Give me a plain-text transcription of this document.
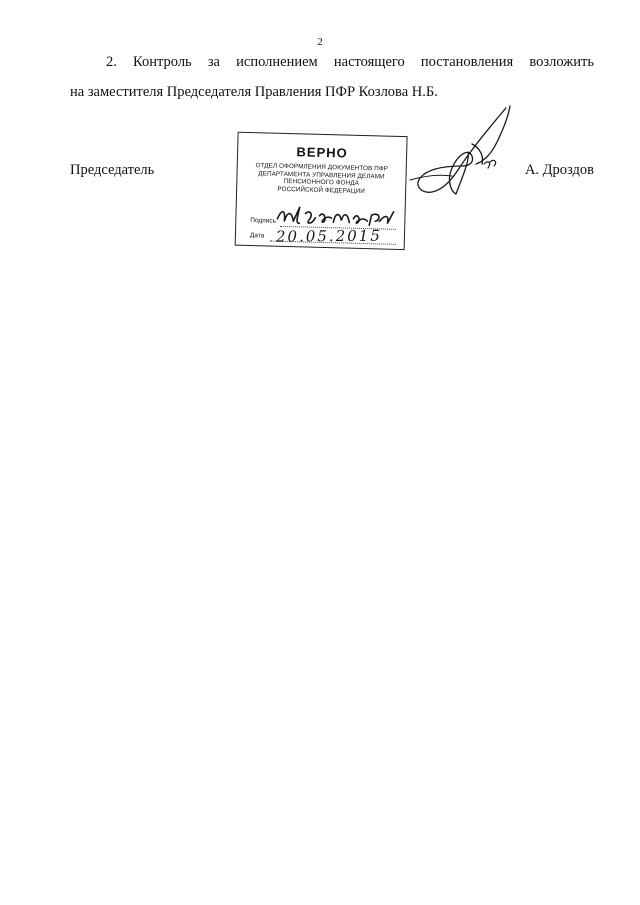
2
2. Контроль за исполнением настоящего постановления возложить
на заместителя Председателя Правления ПФР Козлова Н.Б.
Председатель
ВЕРНО
ОТДЕЛ ОФОРМЛЕНИЯ ДОКУМЕНТОВ ПФР
ДЕПАРТАМЕНТА УПРАВЛЕНИЯ ДЕЛАМИ
ПЕНСИОННОГО ФОНДА
РОССИЙСКОЙ ФЕДЕРАЦИИ
Подпись
Дата 20.05.2015
А. Дроздов
